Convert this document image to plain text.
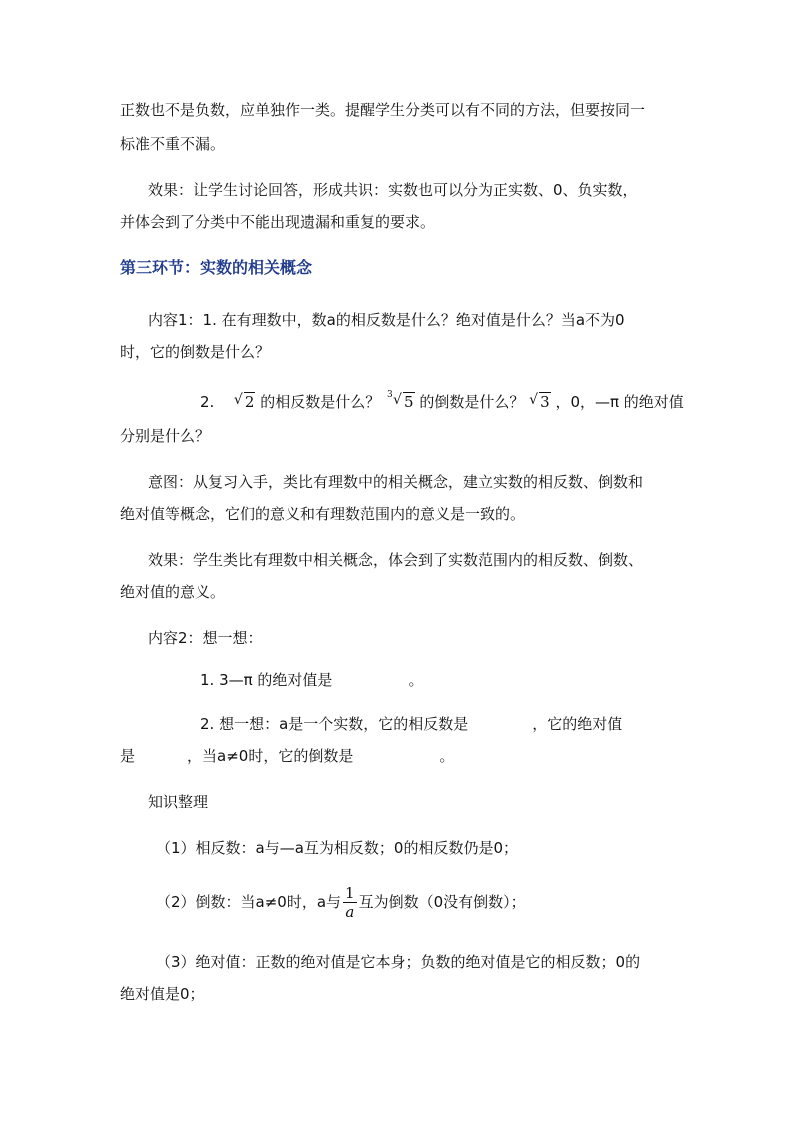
正数也不是负数，应单独作一类。提醒学生分类可以有不同的方法，但要按同一
标准不重不漏。
效果：让学生讨论回答，形成共识：实数也可以分为正实数、0、负实数，
并体会到了分类中不能出现遗漏和重复的要求。
第三环节：实数的相关概念
内容1：1. 在有理数中，数a的相反数是什么？绝对值是什么？当a不为0
时，它的倒数是什么？
2. √ 2 的相反数是什么？ 3 √ 5 的倒数是什么？ √ 3 ，0，—π 的绝对值
分别是什么？
意图：从复习入手，类比有理数中的相关概念，建立实数的相反数、倒数和
绝对值等概念，它们的意义和有理数范围内的意义是一致的。
效果：学生类比有理数中相关概念，体会到了实数范围内的相反数、倒数、
绝对值的意义。
内容2：想一想：
1. 3—π 的绝对值是	。
2. 想一想：a是一个实数，它的相反数是	，它的绝对值
是	，当a≠0时，它的倒数是	。
知识整理
（1）相反数：a与—a互为相反数；0的相反数仍是0；
（2）倒数：当a≠0时，a与 $\frac{1}{a}$ 互为倒数（0没有倒数）；
（3）绝对值：正数的绝对值是它本身；负数的绝对值是它的相反数；0的
绝对值是0；
